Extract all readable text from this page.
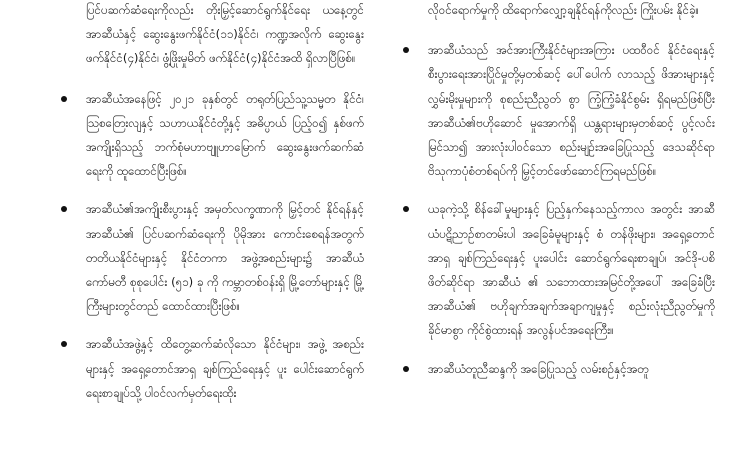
ပြင်ပဆက်ဆံရေးကိုလည်း တိုးမြှင့်ဆောင်ရွက်နိုင်ရေး ယနေ့တွင် အာဆီယံနှင့် ဆွေးနွေးဖက်နိုင်ငံ(၁၁)နိုင်ငံ၊ ကဏ္ဍအလိုက် ဆွေးနွေးဖက်နိုင်ငံ(၄)နိုင်ငံ၊ ဖွံ့ဖြိုးမှုမိတ် ဖက်နိုင်ငံ(၄)နိုင်ငံအထိ ရှိလာပြီဖြစ်။
အာဆီယံအနေဖြင့် ၂၀၂၁ ခုနှစ်တွင် တရုတ်ပြည်သူ့သမ္မတ နိုင်ငံ၊ ဩစတြေးလျနှင့် သဟာယနိုင်ငံတို့နှင့် အဓိပ္ပာယ် ပြည့်ဝ၍ နှစ်ဖက်အကျိုးရှိသည့် ဘက်စုံမဟာဗျူဟာမြောက် ဆွေးနွေးဖက်ဆက်ဆံရေးကို ထူထောင်ပြီးဖြစ်။
အာဆီယံ၏အကျိုးစီးပွားနှင့် အမှတ်လက္ခဏာကို မြှင့်တင် နိုင်ရန်နှင့် အာဆီယံ၏ ပြင်ပဆက်ဆံရေးကို ပိုမိုအား ကောင်းစေရန်အတွက် တတိယနိုင်ငံများနှင့် နိုင်ငံတကာ အဖွဲ့အစည်းများ၌ အာဆီယံကော်မတီ စုစုပေါင်း (၅၁) ခု ကို ကမ္ဘာတစ်ဝန်းရှိ မြို့တော်များနှင့် မြို့ကြီးများတွင်တည် ထောင်ထားပြီးဖြစ်။
အာဆီယံအဖွဲ့နှင့် ထိတွေ့ဆက်ဆံလိုသော နိုင်ငံများ၊ အဖွဲ့ အစည်းများနှင့် အရှေ့တောင်အာရှ ချစ်ကြည်ရေးနှင့် ပူး ပေါင်းဆောင်ရွက်ရေးစာချုပ်သို့ ပါဝင်လက်မှတ်ရေးထိုး
လိုဝင်ရောက်မှုကို ထိရောက်လျှော့ချနိုင်ရန်ကိုလည်း ကြိုးပမ်း နိုင်ခဲ့။
အာဆီယံသည် အင်အားကြီးနိုင်ငံများအကြား ပထဝီဝင် နိုင်ငံရေးနှင့် စီးပွားရေးအားပြိုင်မှုတို့မှတစ်ဆင့် ပေါ်ပေါက် လာသည့် ဖိအားများနှင့် လွှမ်းမိုးမှုများကို စုစည်းညီညွတ် စွာ ကြံ့ကြံ့ခံနိုင်စွမ်း ရှိရမည်ဖြစ်ပြီး အာဆီယံ၏ဗဟိုဆောင် မှုအောက်ရှိ ယန္တရားများမှတစ်ဆင့် ပွင့်လင်းမြင်သာ၍ အားလုံးပါဝင်သော စည်းမျဉ်းအခြေပြုသည့် ဒေသဆိုင်ရာ ဗိသုကာပုံစံတစ်ရပ်ကို မြှင့်တင်ဖော်ဆောင်ကြရမည်ဖြစ်။
ယခုကဲ့သို့ စိန်ခေါ်မှုများနှင့် ပြည့်နှက်နေသည့်ကာလ အတွင်း အာဆီယံပဋိညာဉ်စာတမ်းပါ အခြေခံမူများနှင့် စံ တန်ဖိုးများ၊ အရှေ့တောင်အာရှ ချစ်ကြည်ရေးနှင့် ပူးပေါင်း ဆောင်ရွက်ရေးစာချုပ်၊ အင်ဒို-ပစိဖိတ်ဆိုင်ရာ အာဆီယံ ၏ သဘောထားအမြင်တို့အပေါ် အခြေခံပြီး အာဆီယံ၏ ဗဟိုချက်အချက်အချာကျမှုနှင့် စည်းလုံးညီညွတ်မှုကို ခိုင်မာစွာ ကိုင်စွဲထားရန် အလွန်ပင်အရေးကြီး။
အာဆီယံတူညီဆန္ဒကို အခြေပြုသည့် လမ်းစဉ်နှင့်အတူ
